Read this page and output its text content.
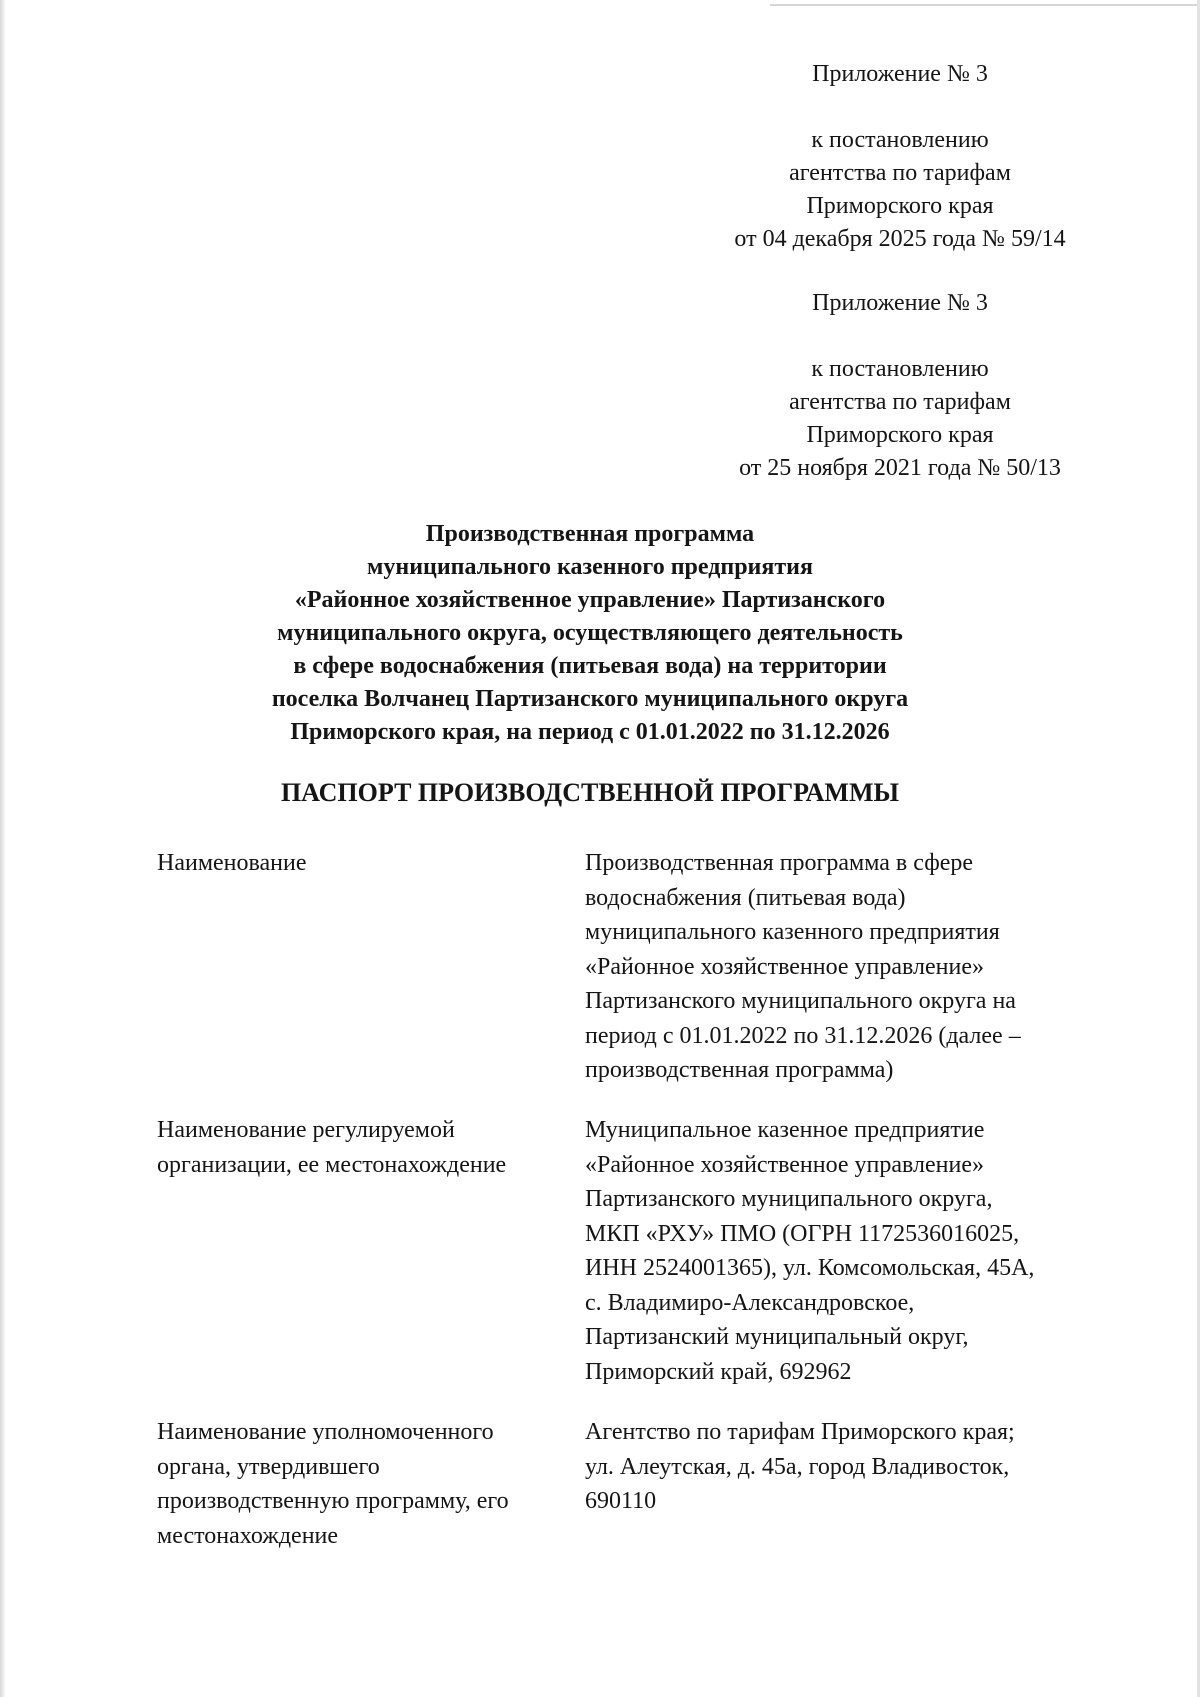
Приложение № 3
к постановлению
агентства по тарифам
Приморского края
от 04 декабря 2025 года № 59/14
Приложение № 3
к постановлению
агентства по тарифам
Приморского края
от 25 ноября 2021 года № 50/13
Производственная программа
муниципального казенного предприятия
«Районное хозяйственное управление» Партизанского
муниципального округа, осуществляющего деятельность
в сфере водоснабжения (питьевая вода) на территории
поселка Волчанец Партизанского муниципального округа
Приморского края, на период с 01.01.2022 по 31.12.2026
ПАСПОРТ ПРОИЗВОДСТВЕННОЙ ПРОГРАММЫ
Наименование	Производственная программа в сфере
водоснабжения (питьевая вода)
муниципального казенного предприятия
«Районное хозяйственное управление»
Партизанского муниципального округа на
период с 01.01.2022 по 31.12.2026 (далее –
производственная программа)
Наименование регулируемой
организации, ее местонахождение
Муниципальное казенное предприятие
«Районное хозяйственное управление»
Партизанского муниципального округа,
МКП «РХУ» ПМО (ОГРН 1172536016025,
ИНН 2524001365), ул. Комсомольская, 45А,
с. Владимиро-Александровское,
Партизанский муниципальный округ,
Приморский край, 692962
Наименование уполномоченного
органа, утвердившего
производственную программу, его
местонахождение
Агентство по тарифам Приморского края;
ул. Алеутская, д. 45а, город Владивосток,
690110
